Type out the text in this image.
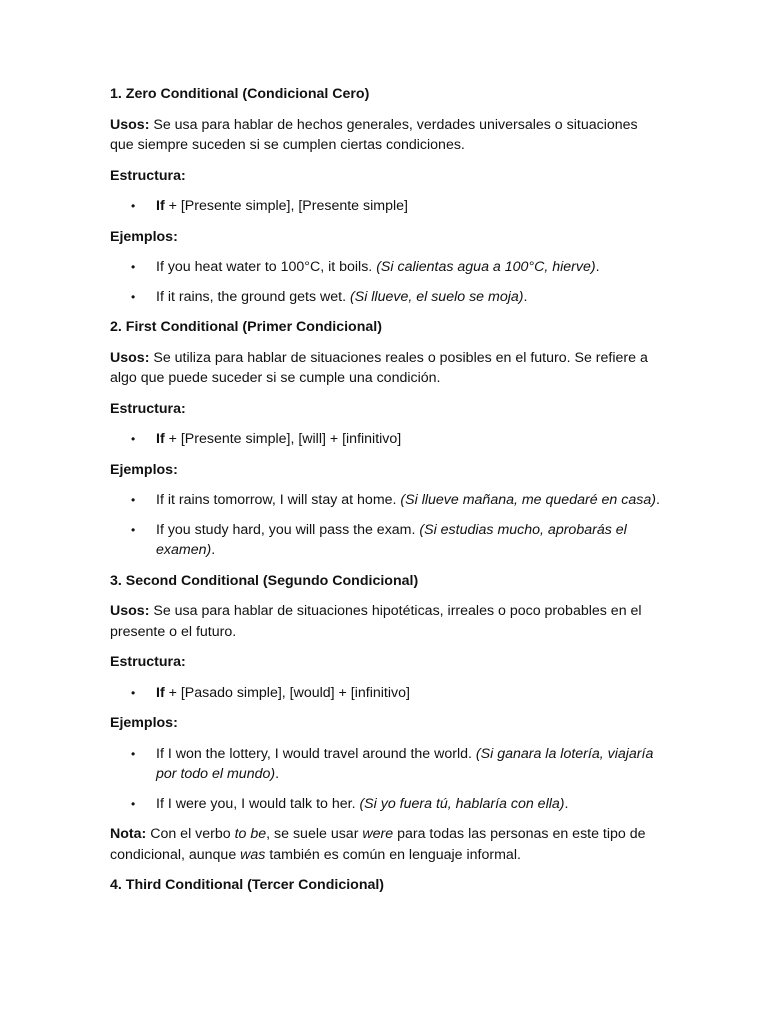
1. Zero Conditional (Condicional Cero)
Usos: Se usa para hablar de hechos generales, verdades universales o situaciones que siempre suceden si se cumplen ciertas condiciones.
Estructura:
• If + [Presente simple], [Presente simple]
Ejemplos:
• If you heat water to 100°C, it boils. (Si calientas agua a 100°C, hierve).
• If it rains, the ground gets wet. (Si llueve, el suelo se moja).
2. First Conditional (Primer Condicional)
Usos: Se utiliza para hablar de situaciones reales o posibles en el futuro. Se refiere a algo que puede suceder si se cumple una condición.
Estructura:
• If + [Presente simple], [will] + [infinitivo]
Ejemplos:
• If it rains tomorrow, I will stay at home. (Si llueve mañana, me quedaré en casa).
• If you study hard, you will pass the exam. (Si estudias mucho, aprobarás el examen).
3. Second Conditional (Segundo Condicional)
Usos: Se usa para hablar de situaciones hipotéticas, irreales o poco probables en el presente o el futuro.
Estructura:
• If + [Pasado simple], [would] + [infinitivo]
Ejemplos:
• If I won the lottery, I would travel around the world. (Si ganara la lotería, viajaría por todo el mundo).
• If I were you, I would talk to her. (Si yo fuera tú, hablaría con ella).
Nota: Con el verbo to be, se suele usar were para todas las personas en este tipo de condicional, aunque was también es común en lenguaje informal.
4. Third Conditional (Tercer Condicional)
